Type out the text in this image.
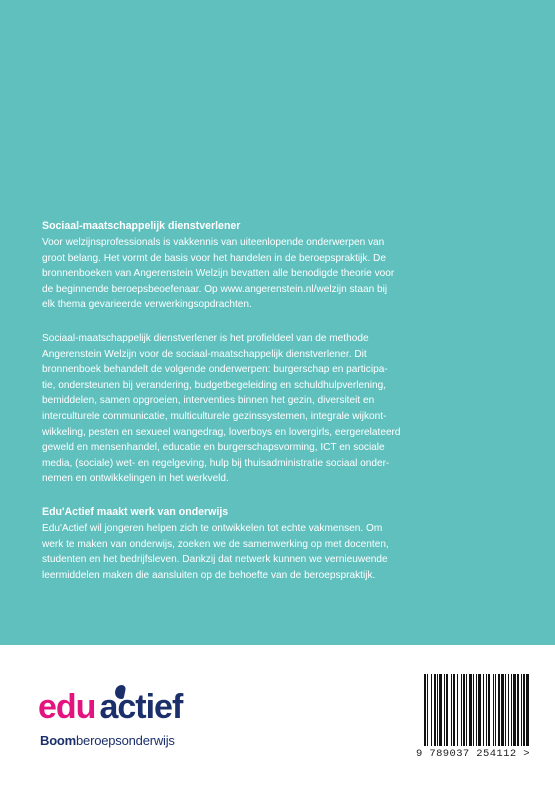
Sociaal-maatschappelijk dienstverlener

Voor welzijnsprofessionals is vakkennis van uiteenlopende onderwerpen van
groot belang. Het vormt de basis voor het handelen in de beroepspraktijk. De
bronnenboeken van Angerenstein Welzijn bevatten alle benodigde theorie voor
de beginnende beroepsbeoefenaar. Op www.angerenstein.nl/welzijn staan bij
elk thema gevarieerde verwerkingsopdrachten.

Sociaal-maatschappelijk dienstverlener is het profieldeel van de methode
Angerenstein Welzijn voor de sociaal-maatschappelijk dienstverlener. Dit
bronnenboek behandelt de volgende onderwerpen: burgerschap en participa-
tie, ondersteunen bij verandering, budgetbegeleiding en schuldhulpverlening,
bemiddelen, samen opgroeien, interventies binnen het gezin, diversiteit en
interculturele communicatie, multiculturele gezinssystemen, integrale wijkont-
wikkeling, pesten en sexueel wangedrag, loverboys en lovergirls, eergerelateerd
geweld en mensenhandel, educatie en burgerschapsvorming, ICT en sociale
media, (sociale) wet- en regelgeving, hulp bij thuisadministratie sociaal onder-
nemen en ontwikkelingen in het werkveld.

Edu'Actief maakt werk van onderwijs

Edu'Actief wil jongeren helpen zich te ontwikkelen tot echte vakmensen. Om
werk te maken van onderwijs, zoeken we de samenwerking op met docenten,
studenten en het bedrijfsleven. Dankzij dat netwerk kunnen we vernieuwende
leermiddelen maken die aansluiten op de behoefte van de beroepspraktijk.

edu actief
Boomberoepsonderwijs
9 789037 254112 >
